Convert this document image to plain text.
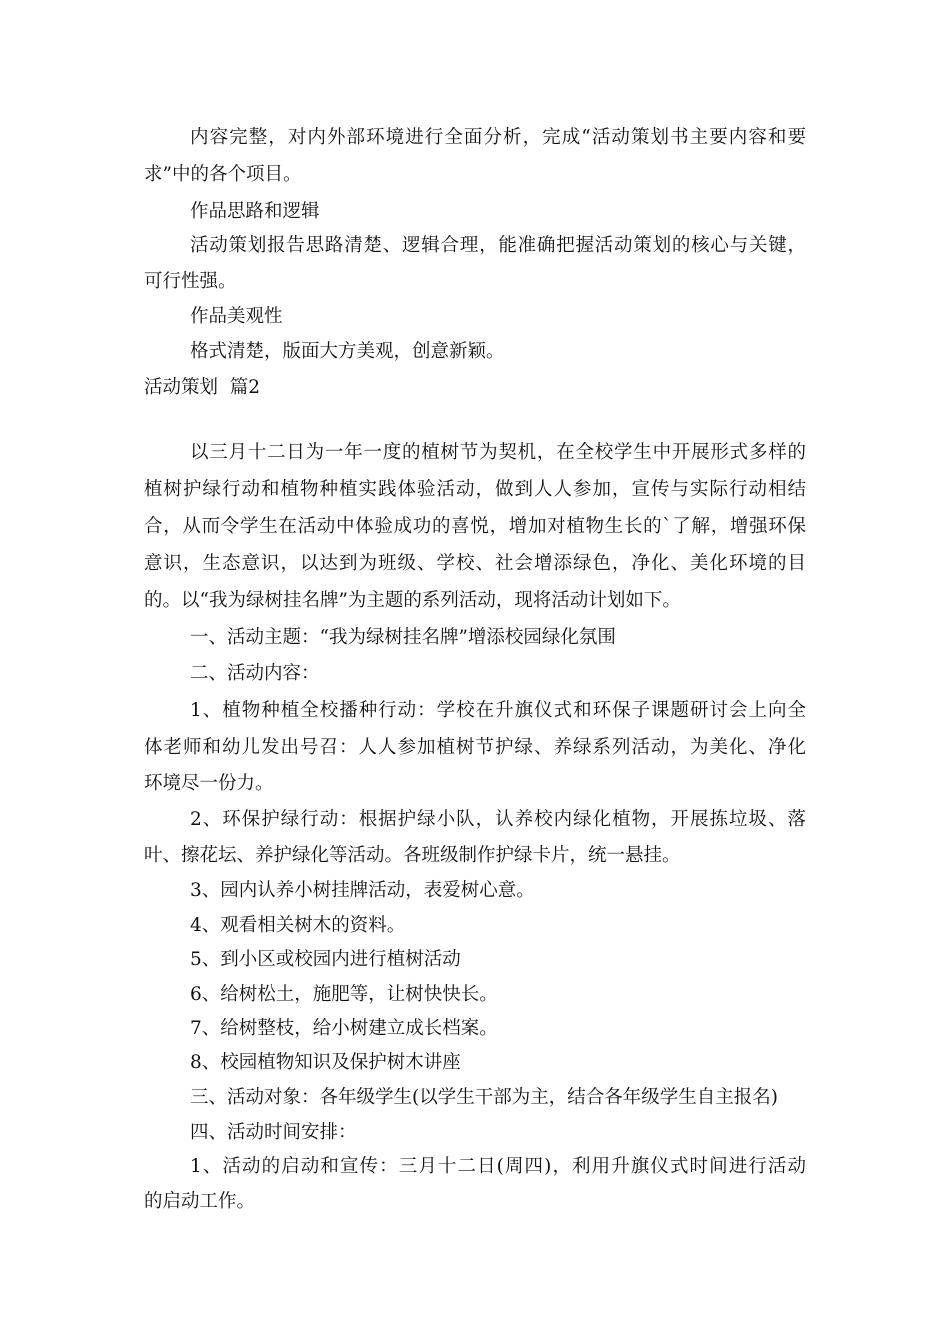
内容完整，对内外部环境进行全面分析，完成“活动策划书主要内容和要
求”中的各个项目。
作品思路和逻辑
活动策划报告思路清楚、逻辑合理，能准确把握活动策划的核心与关键，
可行性强。
作品美观性
格式清楚，版面大方美观，创意新颖。
活动策划  篇2
以三月十二日为一年一度的植树节为契机，在全校学生中开展形式多样的
植树护绿行动和植物种植实践体验活动，做到人人参加，宣传与实际行动相结
合，从而令学生在活动中体验成功的喜悦，增加对植物生长的`了解，增强环保
意识，生态意识，以达到为班级、学校、社会增添绿色，净化、美化环境的目
的。以“我为绿树挂名牌”为主题的系列活动，现将活动计划如下。
一、活动主题：“我为绿树挂名牌”增添校园绿化氛围
二、活动内容：
1、植物种植全校播种行动：学校在升旗仪式和环保子课题研讨会上向全
体老师和幼儿发出号召：人人参加植树节护绿、养绿系列活动，为美化、净化
环境尽一份力。
2、环保护绿行动：根据护绿小队，认养校内绿化植物，开展拣垃圾、落
叶、擦花坛、养护绿化等活动。各班级制作护绿卡片，统一悬挂。
3、园内认养小树挂牌活动，表爱树心意。
4、观看相关树木的资料。
5、到小区或校园内进行植树活动
6、给树松土，施肥等，让树快快长。
7、给树整枝，给小树建立成长档案。
8、校园植物知识及保护树木讲座
三、活动对象：各年级学生(以学生干部为主，结合各年级学生自主报名)
四、活动时间安排：
1、活动的启动和宣传：三月十二日(周四)，利用升旗仪式时间进行活动
的启动工作。
